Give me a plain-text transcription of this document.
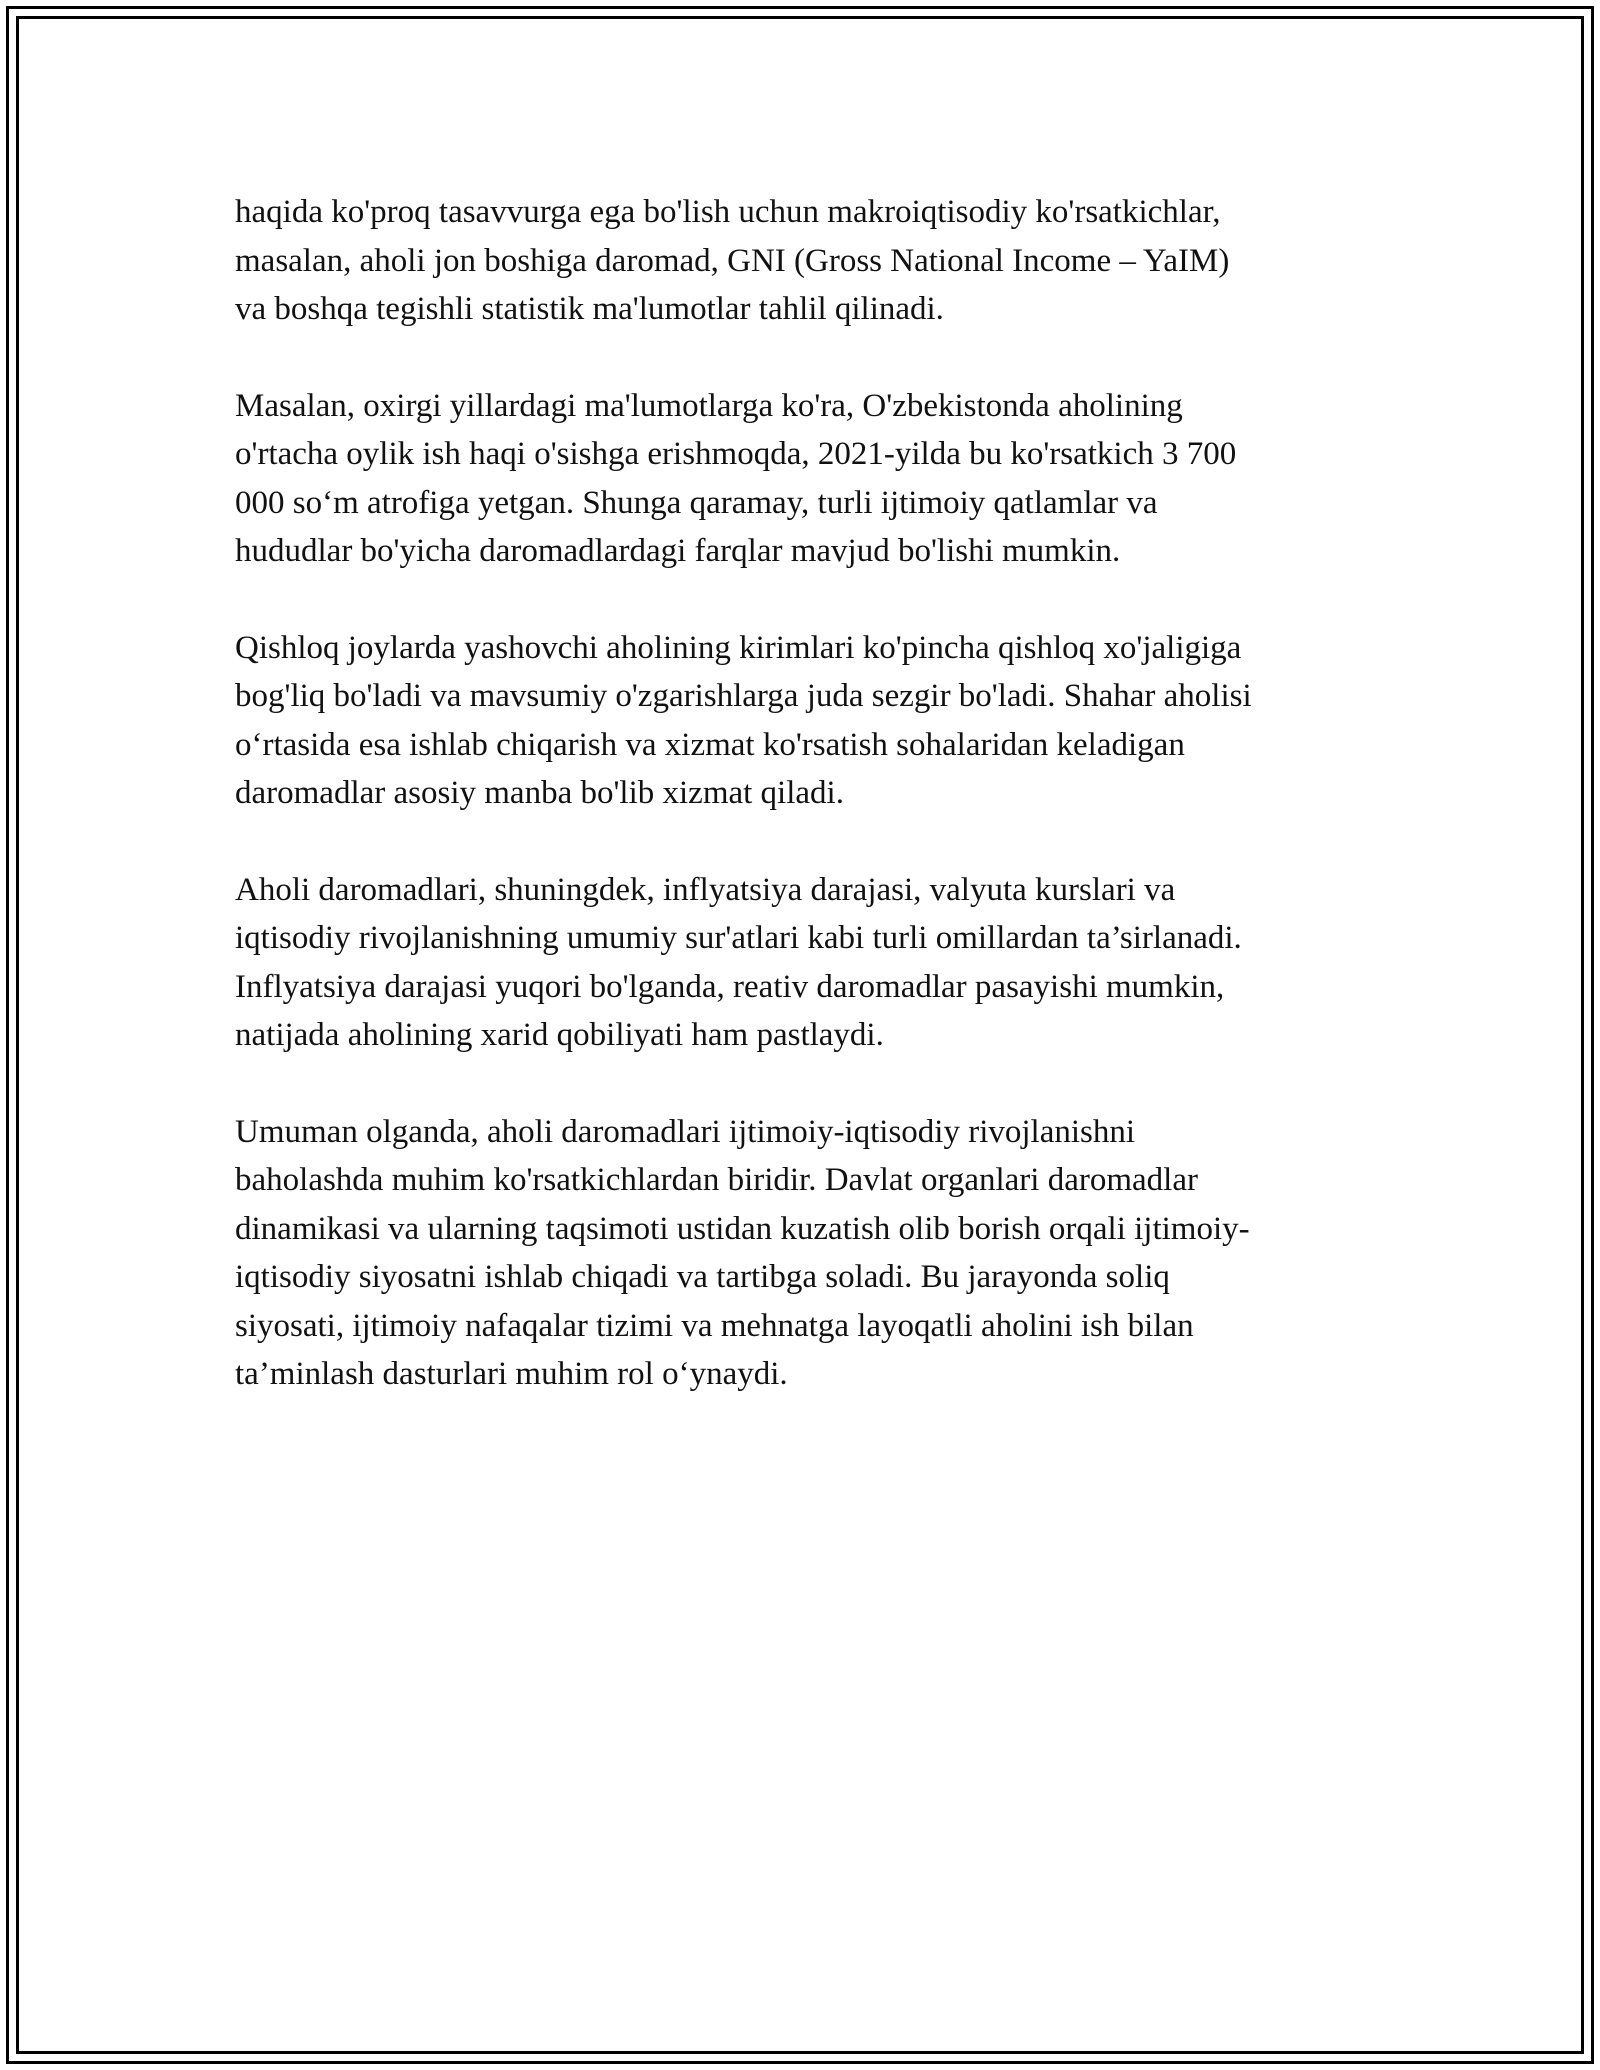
haqida ko'proq tasavvurga ega bo'lish uchun makroiqtisodiy ko'rsatkichlar,
masalan, aholi jon boshiga daromad, GNI (Gross National Income – YaIM)
va boshqa tegishli statistik ma'lumotlar tahlil qilinadi.

Masalan, oxirgi yillardagi ma'lumotlarga ko'ra, O'zbekistonda aholining
o'rtacha oylik ish haqi o'sishga erishmoqda, 2021-yilda bu ko'rsatkich 3 700
000 so‘m atrofiga yetgan. Shunga qaramay, turli ijtimoiy qatlamlar va
hududlar bo'yicha daromadlardagi farqlar mavjud bo'lishi mumkin.

Qishloq joylarda yashovchi aholining kirimlari ko'pincha qishloq xo'jaligiga
bog'liq bo'ladi va mavsumiy o'zgarishlarga juda sezgir bo'ladi. Shahar aholisi
o‘rtasida esa ishlab chiqarish va xizmat ko'rsatish sohalaridan keladigan
daromadlar asosiy manba bo'lib xizmat qiladi.

Aholi daromadlari, shuningdek, inflyatsiya darajasi, valyuta kurslari va
iqtisodiy rivojlanishning umumiy sur'atlari kabi turli omillardan ta’sirlanadi.
Inflyatsiya darajasi yuqori bo'lganda, reativ daromadlar pasayishi mumkin,
natijada aholining xarid qobiliyati ham pastlaydi.

Umuman olganda, aholi daromadlari ijtimoiy-iqtisodiy rivojlanishni
baholashda muhim ko'rsatkichlardan biridir. Davlat organlari daromadlar
dinamikasi va ularning taqsimoti ustidan kuzatish olib borish orqali ijtimoiy-
iqtisodiy siyosatni ishlab chiqadi va tartibga soladi. Bu jarayonda soliq
siyosati, ijtimoiy nafaqalar tizimi va mehnatga layoqatli aholini ish bilan
ta’minlash dasturlari muhim rol o‘ynaydi.
